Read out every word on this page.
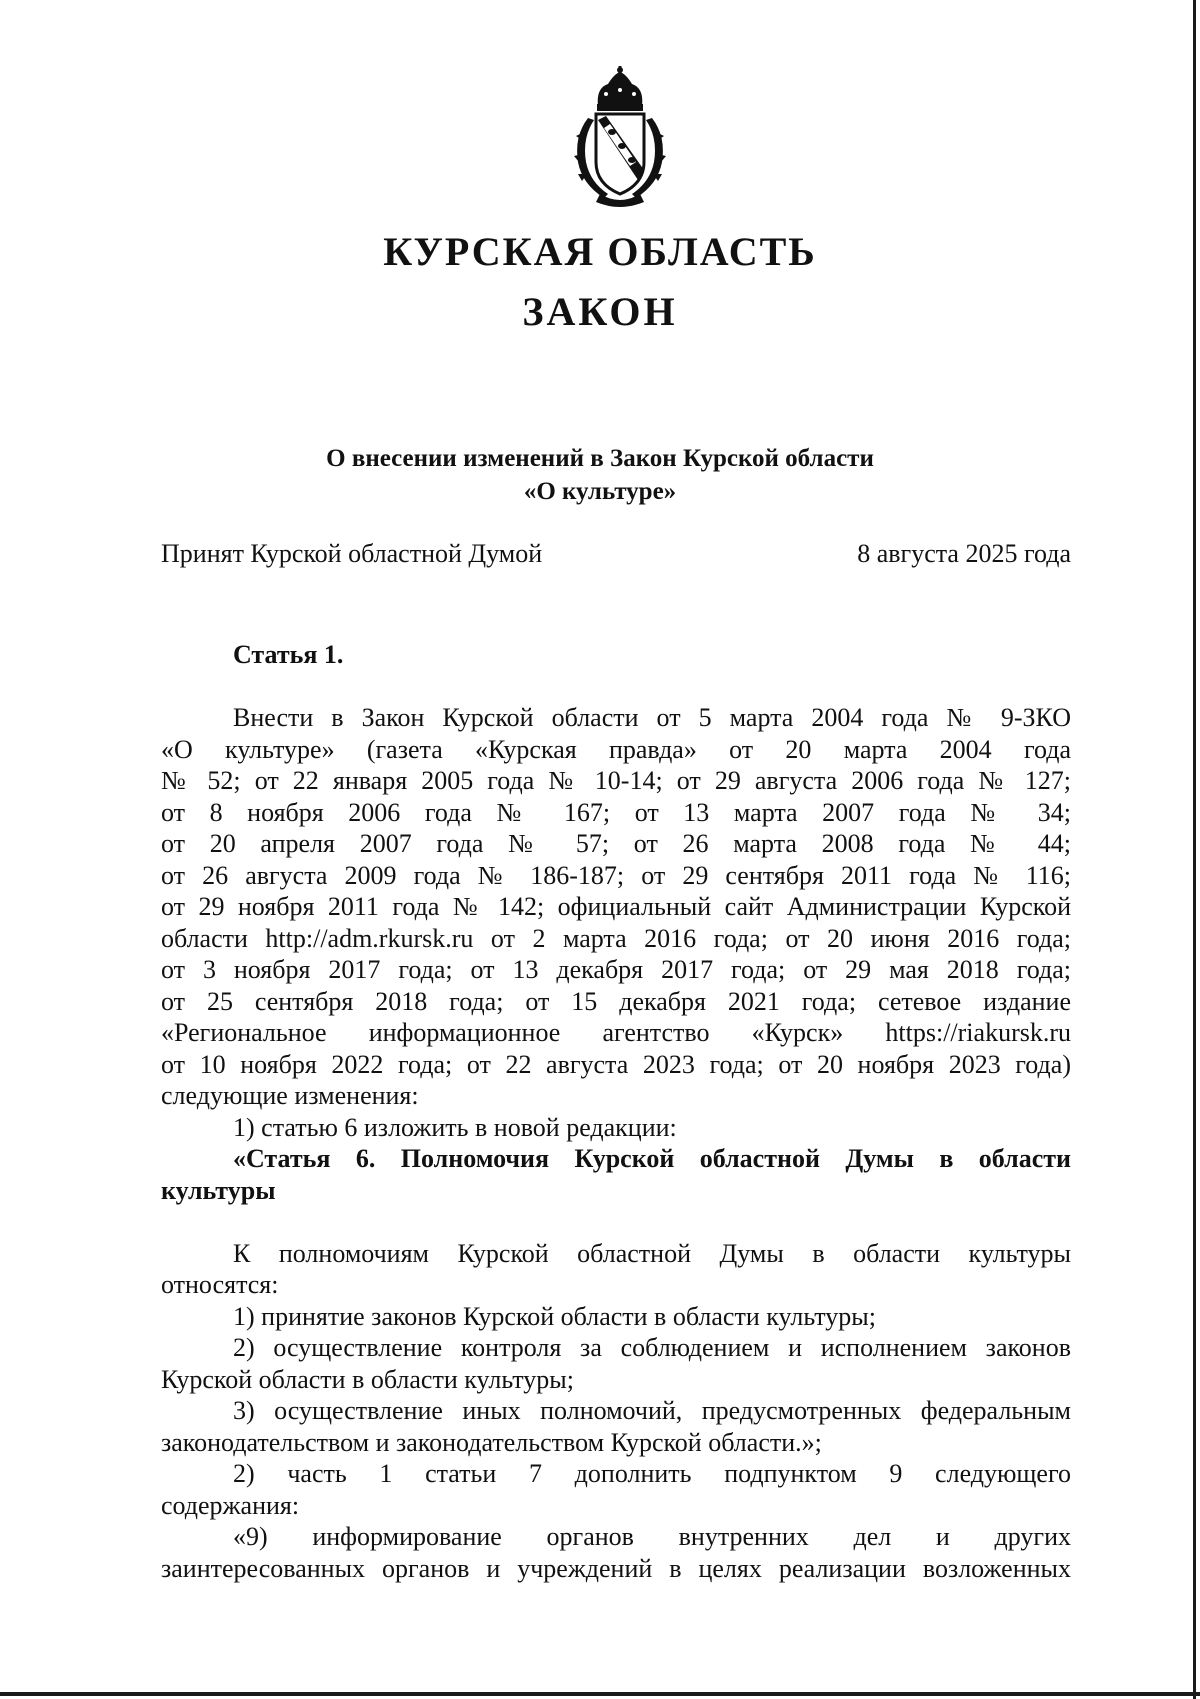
КУРСКАЯ ОБЛАСТЬ
ЗАКОН
О внесении изменений в Закон Курской области
«О культуре»
Принят Курской областной Думой	8 августа 2025 года
Статья 1.

Внести в Закон Курской области от 5 марта 2004 года № 9-ЗКО

«О культуре» (газета «Курская правда» от 20 марта 2004 года

№ 52; от 22 января 2005 года № 10-14; от 29 августа 2006 года № 127;

от 8 ноября 2006 года № 167; от 13 марта 2007 года № 34;

от 20 апреля 2007 года № 57; от 26 марта 2008 года № 44;

от 26 августа 2009 года № 186-187; от 29 сентября 2011 года № 116;

от 29 ноября 2011 года № 142; официальный сайт Администрации Курской

области http://adm.rkursk.ru от 2 марта 2016 года; от 20 июня 2016 года;

от 3 ноября 2017 года; от 13 декабря 2017 года; от 29 мая 2018 года;

от 25 сентября 2018 года; от 15 декабря 2021 года; сетевое издание

«Региональное информационное агентство «Курск» https://riakursk.ru

от 10 ноября 2022 года; от 22 августа 2023 года; от 20 ноября 2023 года)

следующие изменения:

1) статью 6 изложить в новой редакции:

«Статья 6. Полномочия Курской областной Думы в области

культуры

К полномочиям Курской областной Думы в области культуры

относятся:

1) принятие законов Курской области в области культуры;

2) осуществление контроля за соблюдением и исполнением законов

Курской области в области культуры;

3) осуществление иных полномочий, предусмотренных федеральным

законодательством и законодательством Курской области.»;

2) часть 1 статьи 7 дополнить подпунктом 9 следующего

содержания:

«9) информирование органов внутренних дел и других

заинтересованных органов и учреждений в целях реализации возложенных
